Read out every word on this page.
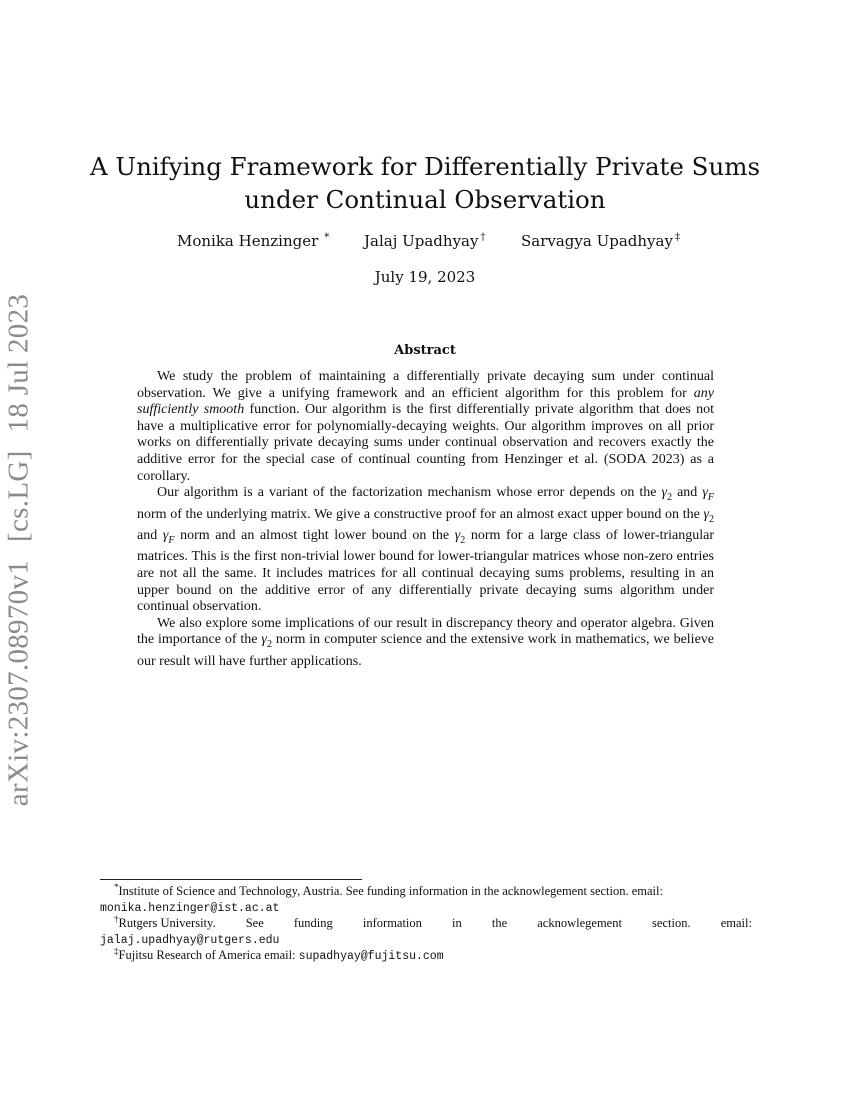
arXiv:2307.08970v1[cs.LG]18 Jul 2023
A Unifying Framework for Differentially Private Sums under Continual Observation
Monika Henzinger * Jalaj Upadhyay † Sarvagya Upadhyay ‡
July 19, 2023
Abstract

We study the problem of maintaining a differentially private decaying sum under continual observation. We give a unifying framework and an efficient algorithm for this problem for any sufficiently smooth function. Our algorithm is the first differentially private algorithm that does not have a multiplicative error for polynomially-decaying weights. Our algorithm improves on all prior works on differentially private decaying sums under continual observation and recovers exactly the additive error for the special case of continual counting from Henzinger et al. (SODA 2023) as a corollary.

Our algorithm is a variant of the factorization mechanism whose error depends on the $\gamma_2$ and $\gamma_F$ norm of the underlying matrix. We give a constructive proof for an almost exact upper bound on the $\gamma_2$ and $\gamma_F$ norm and an almost tight lower bound on the $\gamma_2$ norm for a large class of lower-triangular matrices. This is the first non-trivial lower bound for lower-triangular matrices whose non-zero entries are not all the same. It includes matrices for all continual decaying sums problems, resulting in an upper bound on the additive error of any differentially private decaying sums algorithm under continual observation.

We also explore some implications of our result in discrepancy theory and operator algebra. Given the importance of the $\gamma_2$ norm in computer science and the extensive work in mathematics, we believe our result will have further applications.

*Institute of Science and Technology, Austria. See funding information in the acknowlegement section. email:
monika.henzinger@ist.ac.at
†Rutgers University. See funding information in the acknowlegement section. email:
jalaj.upadhyay@rutgers.edu
‡Fujitsu Research of America email: supadhyay@fujitsu.com
